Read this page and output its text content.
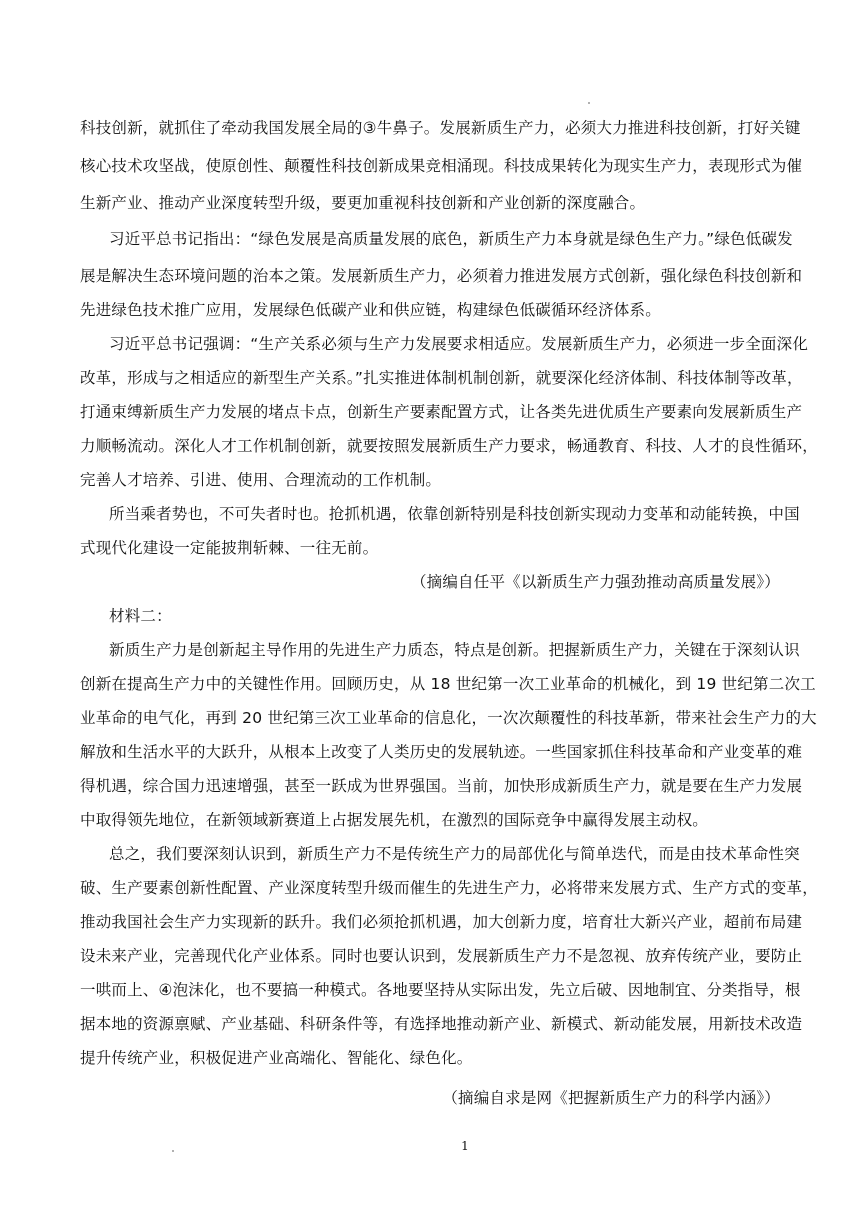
科技创新，就抓住了牵动我国发展全局的③牛鼻子。发展新质生产力，必须大力推进科技创新，打好关键
核心技术攻坚战，使原创性、颠覆性科技创新成果竞相涌现。科技成果转化为现实生产力，表现形式为催
生新产业、推动产业深度转型升级，要更加重视科技创新和产业创新的深度融合。
习近平总书记指出：“绿色发展是高质量发展的底色，新质生产力本身就是绿色生产力。”绿色低碳发
展是解决生态环境问题的治本之策。发展新质生产力，必须着力推进发展方式创新，强化绿色科技创新和
先进绿色技术推广应用，发展绿色低碳产业和供应链，构建绿色低碳循环经济体系。
习近平总书记强调：“生产关系必须与生产力发展要求相适应。发展新质生产力，必须进一步全面深化
改革，形成与之相适应的新型生产关系。”扎实推进体制机制创新，就要深化经济体制、科技体制等改革，
打通束缚新质生产力发展的堵点卡点，创新生产要素配置方式，让各类先进优质生产要素向发展新质生产
力顺畅流动。深化人才工作机制创新，就要按照发展新质生产力要求，畅通教育、科技、人才的良性循环，
完善人才培养、引进、使用、合理流动的工作机制。
所当乘者势也，不可失者时也。抢抓机遇，依靠创新特别是科技创新实现动力变革和动能转换，中国
式现代化建设一定能披荆斩棘、一往无前。
（摘编自任平《以新质生产力强劲推动高质量发展》）
材料二：
新质生产力是创新起主导作用的先进生产力质态，特点是创新。把握新质生产力，关键在于深刻认识
创新在提高生产力中的关键性作用。回顾历史，从 18 世纪第一次工业革命的机械化，到 19 世纪第二次工
业革命的电气化，再到 20 世纪第三次工业革命的信息化，一次次颠覆性的科技革新，带来社会生产力的大
解放和生活水平的大跃升，从根本上改变了人类历史的发展轨迹。一些国家抓住科技革命和产业变革的难
得机遇，综合国力迅速增强，甚至一跃成为世界强国。当前，加快形成新质生产力，就是要在生产力发展
中取得领先地位，在新领域新赛道上占据发展先机，在激烈的国际竞争中赢得发展主动权。
总之，我们要深刻认识到，新质生产力不是传统生产力的局部优化与简单迭代，而是由技术革命性突
破、生产要素创新性配置、产业深度转型升级而催生的先进生产力，必将带来发展方式、生产方式的变革，
推动我国社会生产力实现新的跃升。我们必须抢抓机遇，加大创新力度，培育壮大新兴产业，超前布局建
设未来产业，完善现代化产业体系。同时也要认识到，发展新质生产力不是忽视、放弃传统产业，要防止
一哄而上、④泡沫化，也不要搞一种模式。各地要坚持从实际出发，先立后破、因地制宜、分类指导，根
据本地的资源禀赋、产业基础、科研条件等，有选择地推动新产业、新模式、新动能发展，用新技术改造
提升传统产业，积极促进产业高端化、智能化、绿色化。
（摘编自求是网《把握新质生产力的科学内涵》）
1
